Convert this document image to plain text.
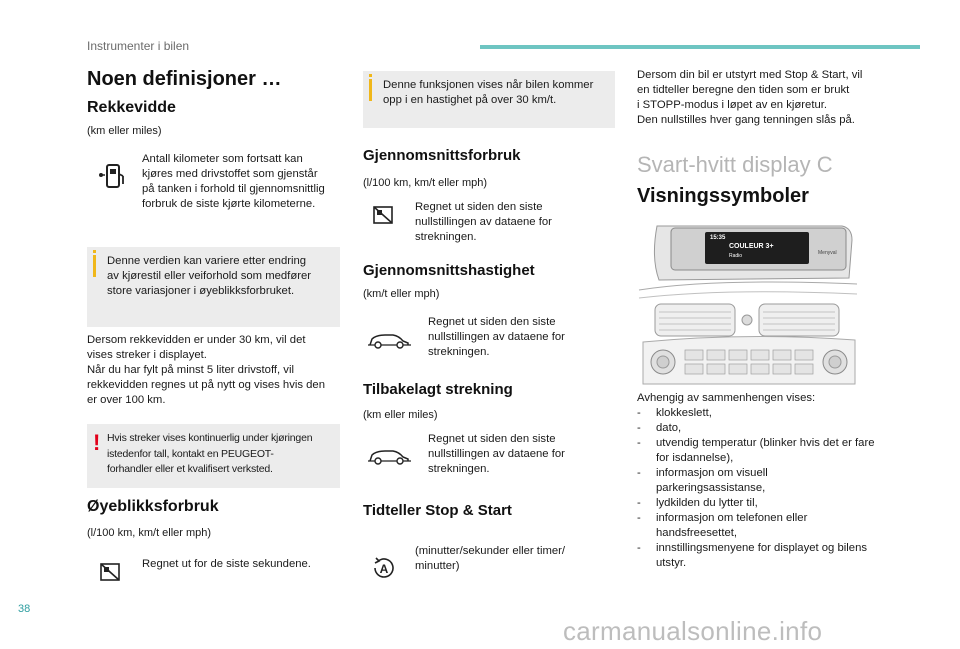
Instrumenter i bilen
Noen definisjoner …
Rekkevidde
(km eller miles)
Antall kilometer som fortsatt kan
kjøres med drivstoffet som gjenstår
på tanken i forhold til gjennomsnittlig
forbruk de siste kjørte kilometerne.
Denne verdien kan variere etter endring
av kjørestil eller veiforhold som medfører
store variasjoner i øyeblikksforbruket.
Dersom rekkevidden er under 30 km, vil det
vises streker i displayet.
Når du har fylt på minst 5 liter drivstoff, vil
rekkevidden regnes ut på nytt og vises hvis den
er over 100 km.
! Hvis streker vises kontinuerlig under kjøringen
istedenfor tall, kontakt en PEUGEOT-
forhandler eller et kvalifisert verksted.
Øyeblikksforbruk
(l/100 km, km/t eller mph)
Regnet ut for de siste sekundene.
Denne funksjonen vises når bilen kommer
opp i en hastighet på over 30 km/t.
Gjennomsnittsforbruk
(l/100 km, km/t eller mph)
Regnet ut siden den siste
nullstillingen av dataene for
strekningen.
Gjennomsnittshastighet
(km/t eller mph)
Regnet ut siden den siste
nullstillingen av dataene for
strekningen.
Tilbakelagt strekning
(km eller miles)
Regnet ut siden den siste
nullstillingen av dataene for
strekningen.
Tidteller Stop & Start
A
(minutter/sekunder eller timer/
minutter)
Dersom din bil er utstyrt med Stop & Start, vil
en tidteller beregne den tiden som er brukt
i STOPP-modus i løpet av en kjøretur.
Den nullstilles hver gang tenningen slås på.
Svart-hvitt display C
Visningssymboler
15:35
COULEUR 3+
Radio	Menyval
Avhengig av sammenhengen vises:
- klokkeslett,
- dato,
- utvendig temperatur (blinker hvis det er fare
for isdannelse),
- informasjon om visuell
parkeringsassistanse,
- lydkilden du lytter til,
- informasjon om telefonen eller
handsfreesettet,
- innstillingsmenyene for displayet og bilens
utstyr.
38
carmanualsonline.info
